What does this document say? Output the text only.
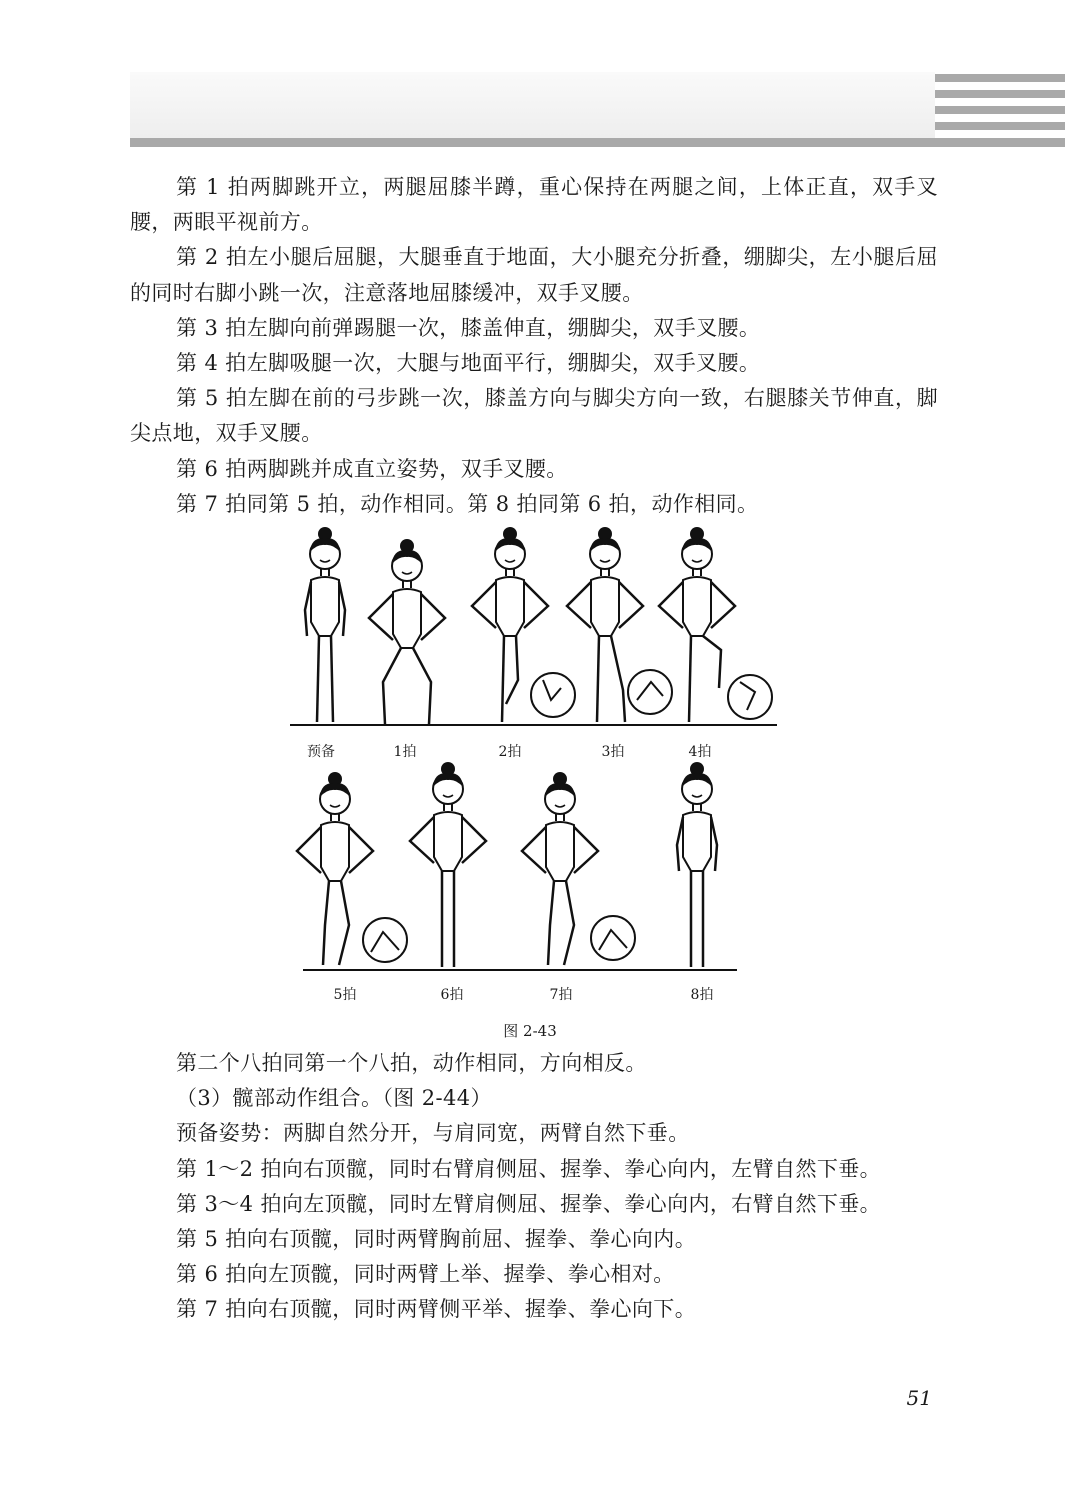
第 1 拍两脚跳开立，两腿屈膝半蹲，重心保持在两腿之间，上体正直，双手叉腰，两眼平视前方。

第 2 拍左小腿后屈腿，大腿垂直于地面，大小腿充分折叠，绷脚尖，左小腿后屈的同时右脚小跳一次，注意落地屈膝缓冲，双手叉腰。

第 3 拍左脚向前弹踢腿一次，膝盖伸直，绷脚尖，双手叉腰。

第 4 拍左脚吸腿一次，大腿与地面平行，绷脚尖，双手叉腰。

第 5 拍左脚在前的弓步跳一次，膝盖方向与脚尖方向一致，右腿膝关节伸直，脚尖点地，双手叉腰。

第 6 拍两脚跳并成直立姿势，双手叉腰。

第 7 拍同第 5 拍，动作相同。第 8 拍同第 6 拍，动作相同。

预备	1拍	2拍	3拍	4拍
5拍	6拍	7拍	8拍
图 2-43

第二个八拍同第一个八拍，动作相同，方向相反。

（3）髋部动作组合。（图 2-44）

预备姿势：两脚自然分开，与肩同宽，两臂自然下垂。

第 1～2 拍向右顶髋，同时右臂肩侧屈、握拳、拳心向内，左臂自然下垂。

第 3～4 拍向左顶髋，同时左臂肩侧屈、握拳、拳心向内，右臂自然下垂。

第 5 拍向右顶髋，同时两臂胸前屈、握拳、拳心向内。

第 6 拍向左顶髋，同时两臂上举、握拳、拳心相对。

第 7 拍向右顶髋，同时两臂侧平举、握拳、拳心向下。

51
